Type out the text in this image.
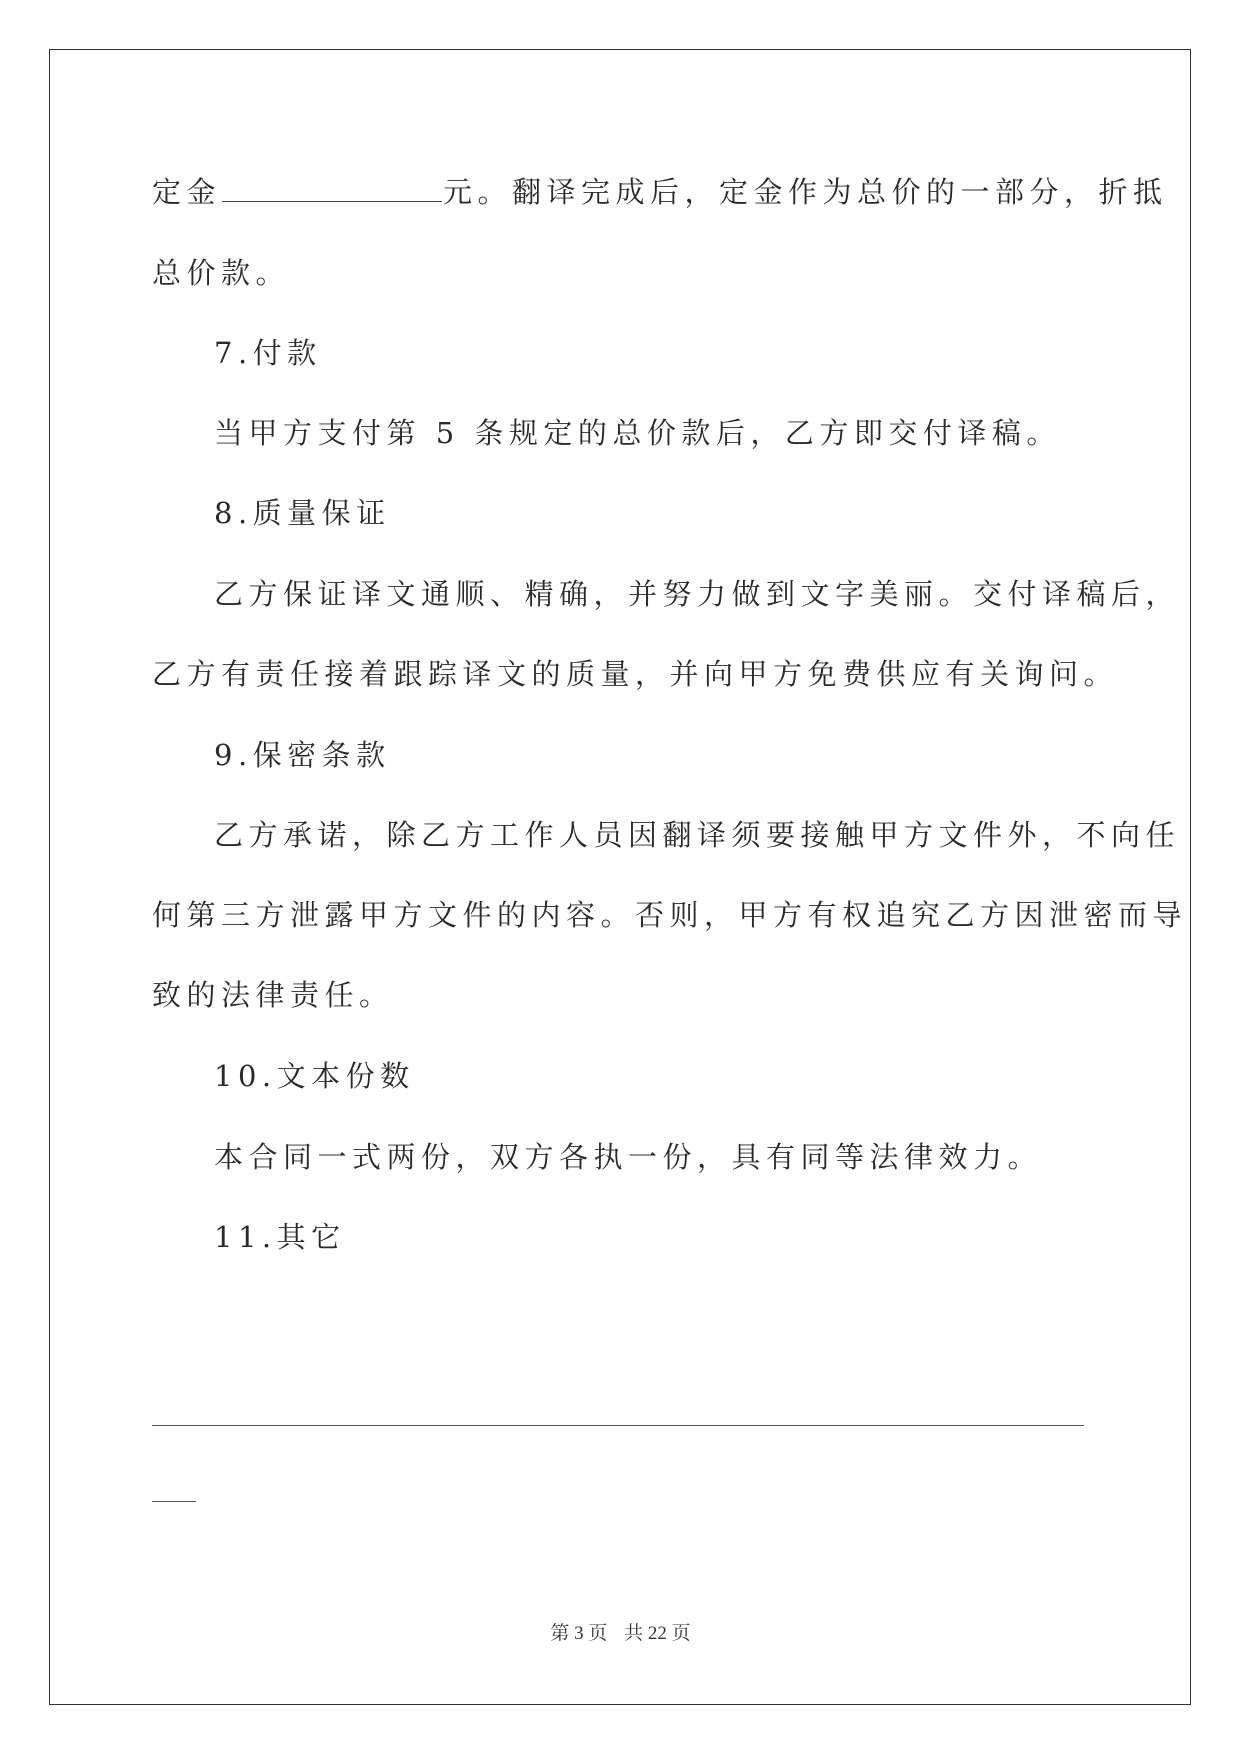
定金	元。翻译完成后，定金作为总价的一部分，折抵
总价款。
7.付款
当甲方支付第 5 条规定的总价款后，乙方即交付译稿。
8.质量保证
乙方保证译文通顺、精确，并努力做到文字美丽。交付译稿后，
乙方有责任接着跟踪译文的质量，并向甲方免费供应有关询问。
9.保密条款
乙方承诺，除乙方工作人员因翻译须要接触甲方文件外，不向任
何第三方泄露甲方文件的内容。否则，甲方有权追究乙方因泄密而导
致的法律责任。
10.文本份数
本合同一式两份，双方各执一份，具有同等法律效力。
11.其它
第 3 页 共 22 页
